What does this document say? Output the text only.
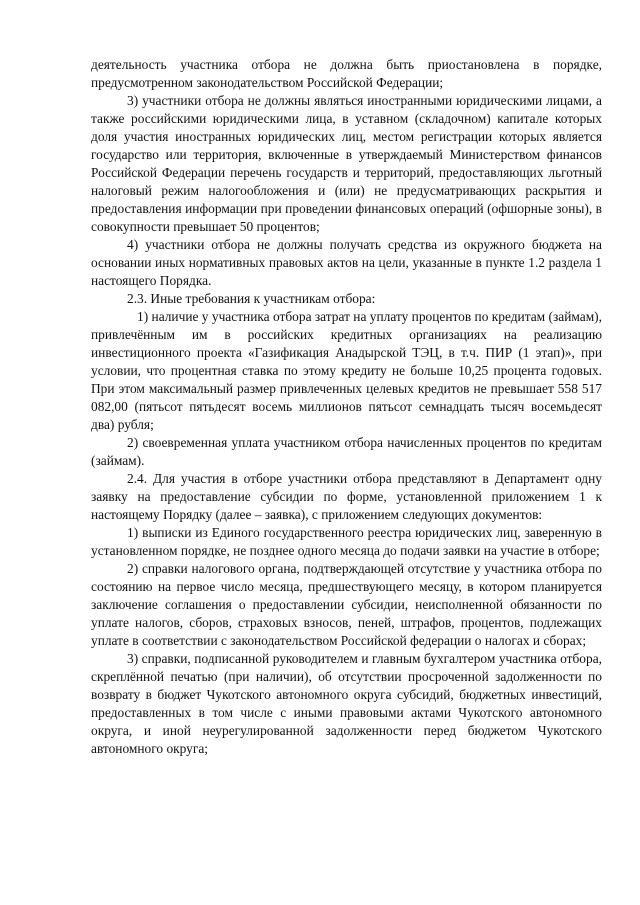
деятельность участника отбора не должна быть приостановлена в порядке, предусмотренном законодательством Российской Федерации;

3) участники отбора не должны являться иностранными юридическими лицами, а также российскими юридическими лица, в уставном (складочном) капитале которых доля участия иностранных юридических лиц, местом регистрации которых является государство или территория, включенные в утверждаемый Министерством финансов Российской Федерации перечень государств и территорий, предоставляющих льготный налоговый режим налогообложения и (или) не предусматривающих раскрытия и предоставления информации при проведении финансовых операций (офшорные зоны), в совокупности превышает 50 процентов;

4) участники отбора не должны получать средства из окружного бюджета на основании иных нормативных правовых актов на цели, указанные в пункте 1.2 раздела 1 настоящего Порядка.

2.3. Иные требования к участникам отбора:

1) наличие у участника отбора затрат на уплату процентов по кредитам (займам), привлечённым им в российских кредитных организациях на реализацию инвестиционного проекта «Газификация Анадырской ТЭЦ, в т.ч. ПИР (1 этап)», при условии, что процентная ставка по этому кредиту не больше 10,25 процента годовых. При этом максимальный размер привлеченных целевых кредитов не превышает 558 517 082,00 (пятьсот пятьдесят восемь миллионов пятьсот семнадцать тысяч восемьдесят два) рубля;

2) своевременная уплата участником отбора начисленных процентов по кредитам (займам).

2.4. Для участия в отборе участники отбора представляют в Департамент одну заявку на предоставление субсидии по форме, установленной приложением 1 к настоящему Порядку (далее – заявка), с приложением следующих документов:

1) выписки из Единого государственного реестра юридических лиц, заверенную в установленном порядке, не позднее одного месяца до подачи заявки на участие в отборе;

2) справки налогового органа, подтверждающей отсутствие у участника отбора по состоянию на первое число месяца, предшествующего месяцу, в котором планируется заключение соглашения о предоставлении субсидии, неисполненной обязанности по уплате налогов, сборов, страховых взносов, пеней, штрафов, процентов, подлежащих уплате в соответствии с законодательством Российской федерации о налогах и сборах;

3) справки, подписанной руководителем и главным бухгалтером участника отбора, скреплённой печатью (при наличии), об отсутствии просроченной задолженности по возврату в бюджет Чукотского автономного округа субсидий, бюджетных инвестиций, предоставленных в том числе с иными правовыми актами Чукотского автономного округа, и иной неурегулированной задолженности перед бюджетом Чукотского автономного округа;
